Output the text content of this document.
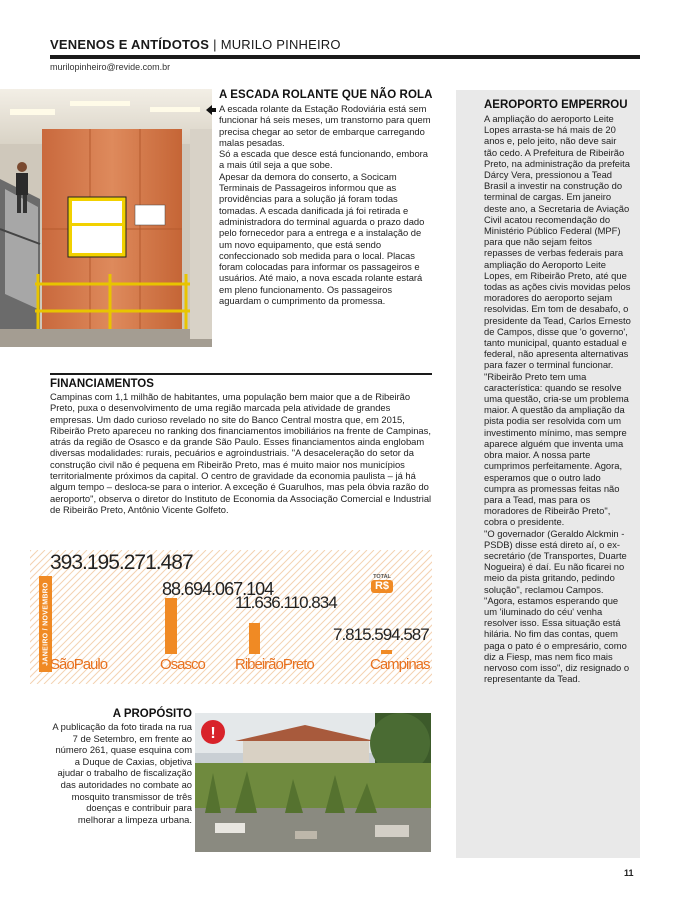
VENENOS E ANTÍDOTOS | MURILO PINHEIRO
murilopinheiro@revide.com.br
A ESCADA ROLANTE QUE NÃO ROLA

A escada rolante da Estação Rodoviária está sem funcionar há seis meses, um transtorno para quem precisa chegar ao setor de embarque carregando malas pesadas.

Só a escada que desce está funcionando, embora a mais útil seja a que sobe.

Apesar da demora do conserto, a Socicam Terminais de Passageiros informou que as providências para a solução já foram todas tomadas. A escada danificada já foi retirada e administradora do terminal aguarda o prazo dado pelo fornecedor para a entrega e a instalação de um novo equipamento, que está sendo confeccionado sob medida para o local. Placas foram colocadas para informar os passageiros e usuários. Até maio, a nova escada rolante estará em pleno funcionamento. Os passageiros aguardam o cumprimento da promessa.

AEROPORTO EMPERROU

A ampliação do aeroporto Leite Lopes arrasta-se há mais de 20 anos e, pelo jeito, não deve sair tão cedo. A Prefeitura de Ribeirão Preto, na administração da prefeita Dárcy Vera, pressionou a Tead Brasil a investir na construção do terminal de cargas. Em janeiro deste ano, a Secretaria de Aviação Civil acatou recomendação do Ministério Público Federal (MPF) para que não sejam feitos repasses de verbas federais para ampliação do Aeroporto Leite Lopes, em Ribeirão Preto, até que todas as ações civis movidas pelos moradores do aeroporto sejam resolvidas. Em tom de desabafo, o presidente da Tead, Carlos Ernesto de Campos, disse que 'o governo', tanto municipal, quanto estadual e federal, não apresenta alternativas para fazer o terminal funcionar.

"Ribeirão Preto tem uma característica: quando se resolve uma questão, cria-se um problema maior. A questão da ampliação da pista podia ser resolvida com um investimento mínimo, mas sempre aparece alguém que inventa uma obra maior. A nossa parte cumprimos perfeitamente. Agora, esperamos que o outro lado cumpra as promessas feitas não para a Tead, mas para os moradores de Ribeirão Preto", cobra o presidente.

"O governador (Geraldo Alckmin - PSDB) disse está direto aí, o ex-secretário (de Transportes, Duarte Nogueira) é daí. Eu não ficarei no meio da pista gritando, pedindo solução", reclamou Campos. "Agora, estamos esperando que um 'iluminado do céu' venha resolver isso. Essa situação está hilária. No fim das contas, quem paga o pato é o empresário, como diz a Fiesp, mas nem fico mais nervoso com isso", diz resignado o representante da Tead.

FINANCIAMENTOS

Campinas com 1,1 milhão de habitantes, uma população bem maior que a de Ribeirão Preto, puxa o desenvolvimento de uma região marcada pela atividade de grandes empresas. Um dado curioso revelado no site do Banco Central mostra que, em 2015, Ribeirão Preto apareceu no ranking dos financiamentos imobiliários na frente de Campinas, atrás da região de Osasco e da grande São Paulo. Esses financiamentos ainda englobam diversas modalidades: rurais, pecuários e agroindustriais. "A desaceleração do setor da construção civil não é pequena em Ribeirão Preto, mas é muito maior nos municípios territorialmente próximos da capital. O centro de gravidade da economia paulista – já há algum tempo – desloca-se para o interior. A exceção é Guarulhos, mas pela óbvia razão do aeroporto", observa o diretor do Instituto de Economia da Associação Comercial e Industrial de Ribeirão Preto, Antônio Vicente Golfeto.

JANEIRO / NOVEMBRO
TOTAL
R$
393.195.271.487
SãoPaulo
88.694.067.104
Osasco
11.636.110.834
RibeirãoPreto
7.815.594.587
Campinas
A PROPÓSITO

A publicação da foto tirada na rua 7 de Setembro, em frente ao número 261, quase esquina com a Duque de Caxias, objetiva ajudar o trabalho de fiscalização das autoridades no combate ao mosquito transmissor de três doenças e contribuir para melhorar a limpeza urbana.

!
11
